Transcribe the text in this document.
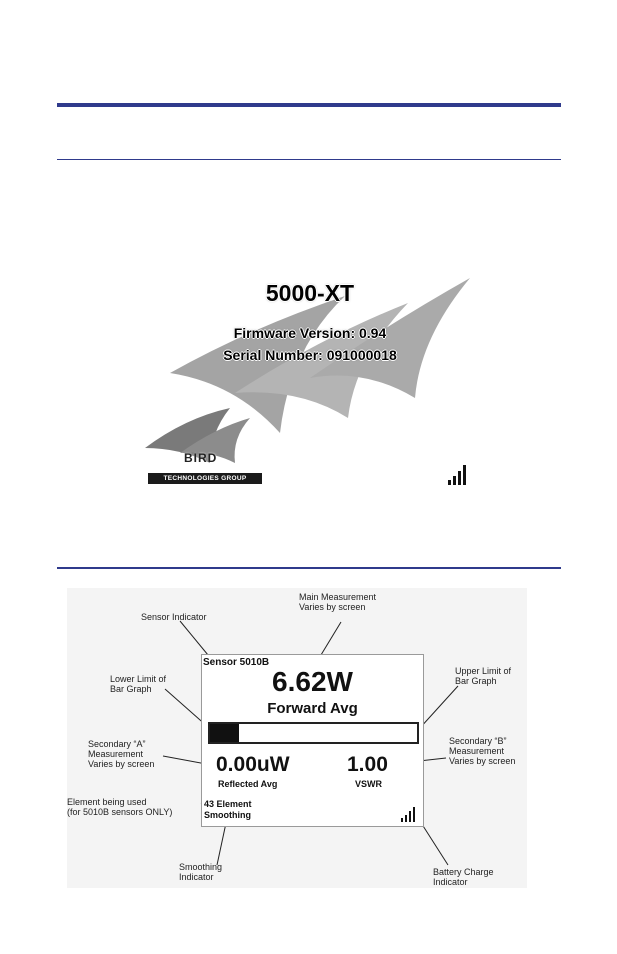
5000-XT
Firmware Version: 0.94
Serial Number: 091000018
BIRD
TECHNOLOGIES GROUP
Sensor Indicator
Main Measurement
Varies by screen
Lower Limit of
Bar Graph
Upper Limit of
Bar Graph
Secondary “A”
Measurement
Varies by screen
Secondary “B”
Measurement
Varies by screen
Element being used
(for 5010B sensors ONLY)
Smoothing
Indicator	Battery Charge
Indicator
Sensor 5010B
6.62W
Forward Avg
0.00uW
Reflected Avg
1.00
VSWR
43 Element
Smoothing
